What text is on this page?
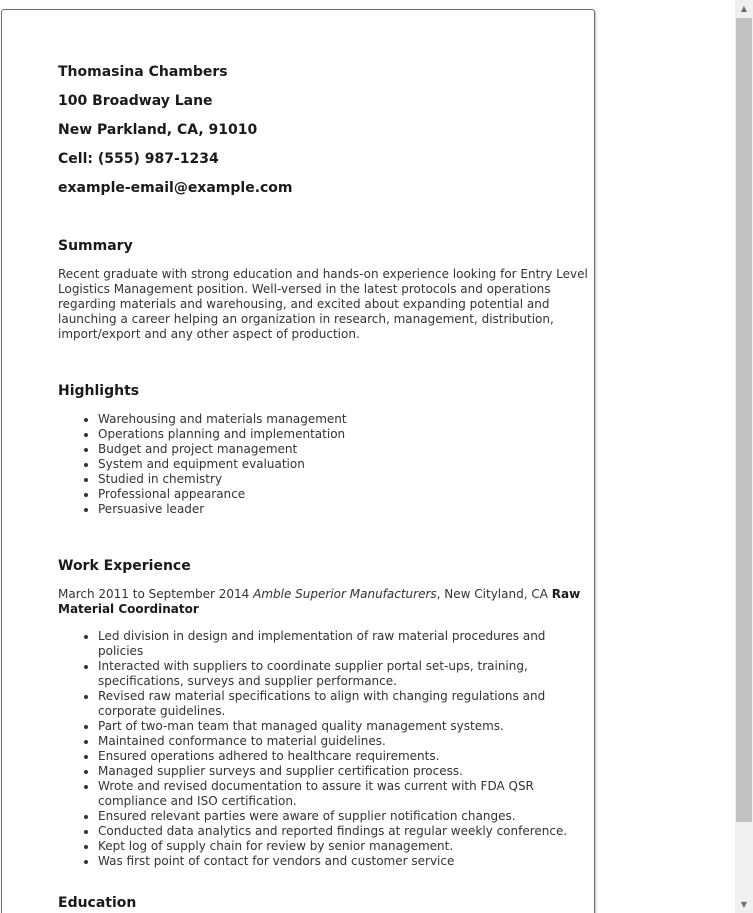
Thomasina Chambers
100 Broadway Lane
New Parkland, CA, 91010
Cell: (555) 987-1234
example-email@example.com
Summary
Recent graduate with strong education and hands-on experience looking for Entry Level Logistics Management position. Well-versed in the latest protocols and operations regarding materials and warehousing, and excited about expanding potential and launching a career helping an organization in research, management, distribution, import/export and any other aspect of production.
Highlights
• Warehousing and materials management
• Operations planning and implementation
• Budget and project management
• System and equipment evaluation
• Studied in chemistry
• Professional appearance
• Persuasive leader
Work Experience
March 2011 to September 2014 Amble Superior Manufacturers, New Cityland, CA Raw Material Coordinator
• Led division in design and implementation of raw material procedures and policies
• Interacted with suppliers to coordinate supplier portal set-ups, training, specifications, surveys and supplier performance.
• Revised raw material specifications to align with changing regulations and corporate guidelines.
• Part of two-man team that managed quality management systems.
• Maintained conformance to material guidelines.
• Ensured operations adhered to healthcare requirements.
• Managed supplier surveys and supplier certification process.
• Wrote and revised documentation to assure it was current with FDA QSR compliance and ISO certification.
• Ensured relevant parties were aware of supplier notification changes.
• Conducted data analytics and reported findings at regular weekly conference.
• Kept log of supply chain for review by senior management.
• Was first point of contact for vendors and customer service
Education
▲
▼
